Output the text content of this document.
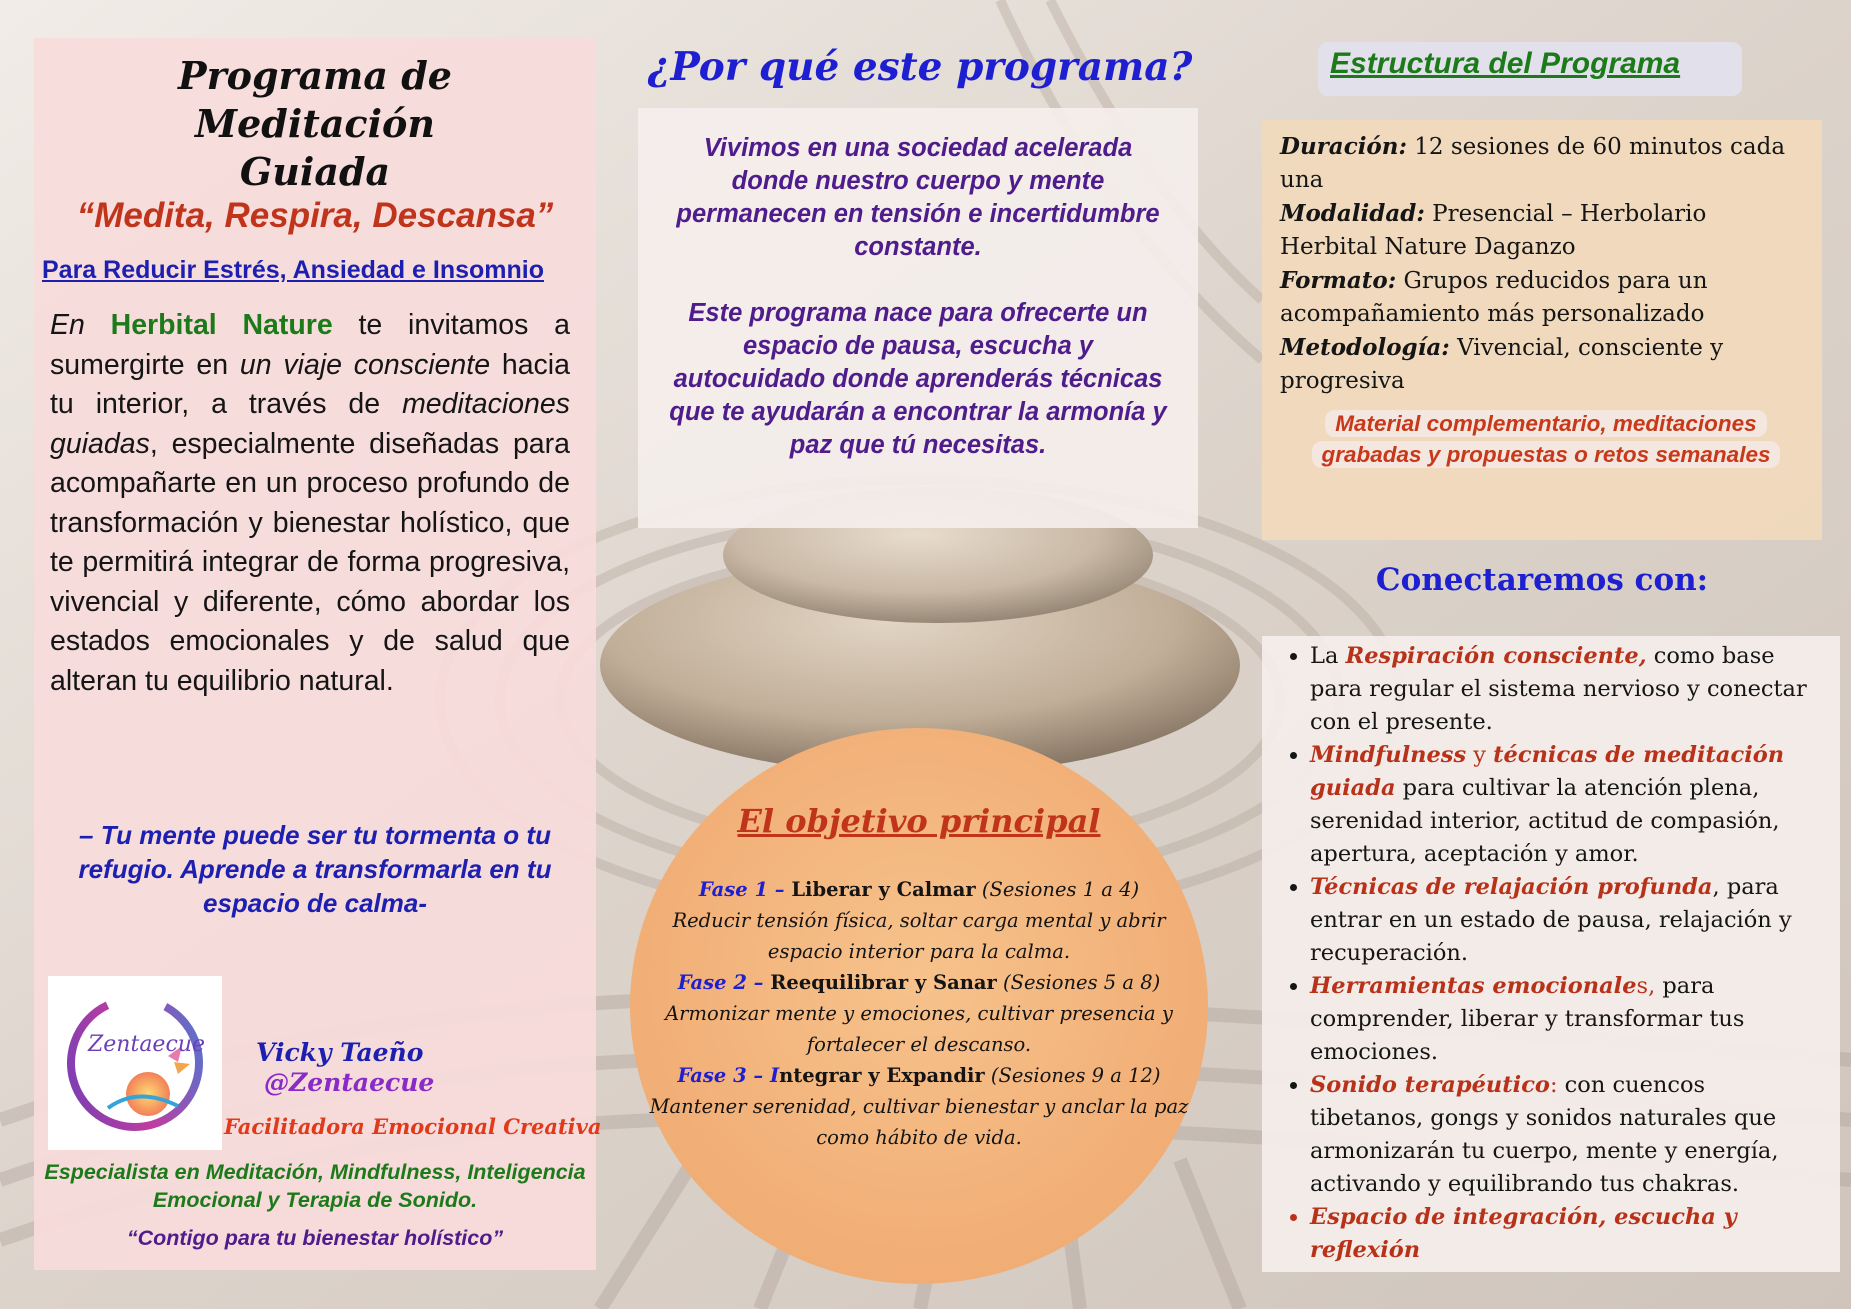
Programa de
Meditación
Guiada
“Medita, Respira, Descansa”
Para Reducir Estrés, Ansiedad e Insomnio
En Herbital Nature te invitamos a sumergirte en un viaje consciente hacia tu interior, a través de meditaciones guiadas, especialmente diseñadas para acompañarte en un proceso profundo de transformación y bienestar holístico, que te permitirá integrar de forma progresiva, vivencial y diferente, cómo abordar los estados emocionales y de salud que alteran tu equilibrio natural.
– Tu mente puede ser tu tormenta o tu refugio. Aprende a transformarla en tu espacio de calma-
Zentaecue Vicky Taeño
@Zentaecue
Facilitadora Emocional Creativa
Especialista en Meditación, Mindfulness, Inteligencia Emocional y Terapia de Sonido.
“Contigo para tu bienestar holístico”
¿Por qué este programa?

Vivimos en una sociedad acelerada donde nuestro cuerpo y mente permanecen en tensión e incertidumbre constante.

Este programa nace para ofrecerte un espacio de pausa, escucha y autocuidado donde aprenderás técnicas que te ayudarán a encontrar la armonía y paz que tú necesitas.

El objetivo principal
Fase 1 – Liberar y Calmar (Sesiones 1 a 4)
Reducir tensión física, soltar carga mental y abrir espacio interior para la calma.
Fase 2 – Reequilibrar y Sanar (Sesiones 5 a 8)
Armonizar mente y emociones, cultivar presencia y fortalecer el descanso.
Fase 3 – Integrar y Expandir (Sesiones 9 a 12)
Mantener serenidad, cultivar bienestar y anclar la paz como hábito de vida.
Estructura del Programa
Duración: 12 sesiones de 60 minutos cada una
Modalidad: Presencial – Herbolario Herbital Nature Daganzo
Formato: Grupos reducidos para un acompañamiento más personalizado
Metodología: Vivencial, consciente y progresiva
Material complementario, meditaciones grabadas y propuestas o retos semanales
Conectaremos con:
• La Respiración consciente, como base para regular el sistema nervioso y conectar con el presente.
• Mindfulness y técnicas de meditación guiada para cultivar la atención plena, serenidad interior, actitud de compasión, apertura, aceptación y amor.
• Técnicas de relajación profunda, para entrar en un estado de pausa, relajación y recuperación.
• Herramientas emocionales, para comprender, liberar y transformar tus emociones.
• Sonido terapéutico: con cuencos tibetanos, gongs y sonidos naturales que armonizarán tu cuerpo, mente y energía, activando y equilibrando tus chakras.
• Espacio de integración, escucha y reflexión
